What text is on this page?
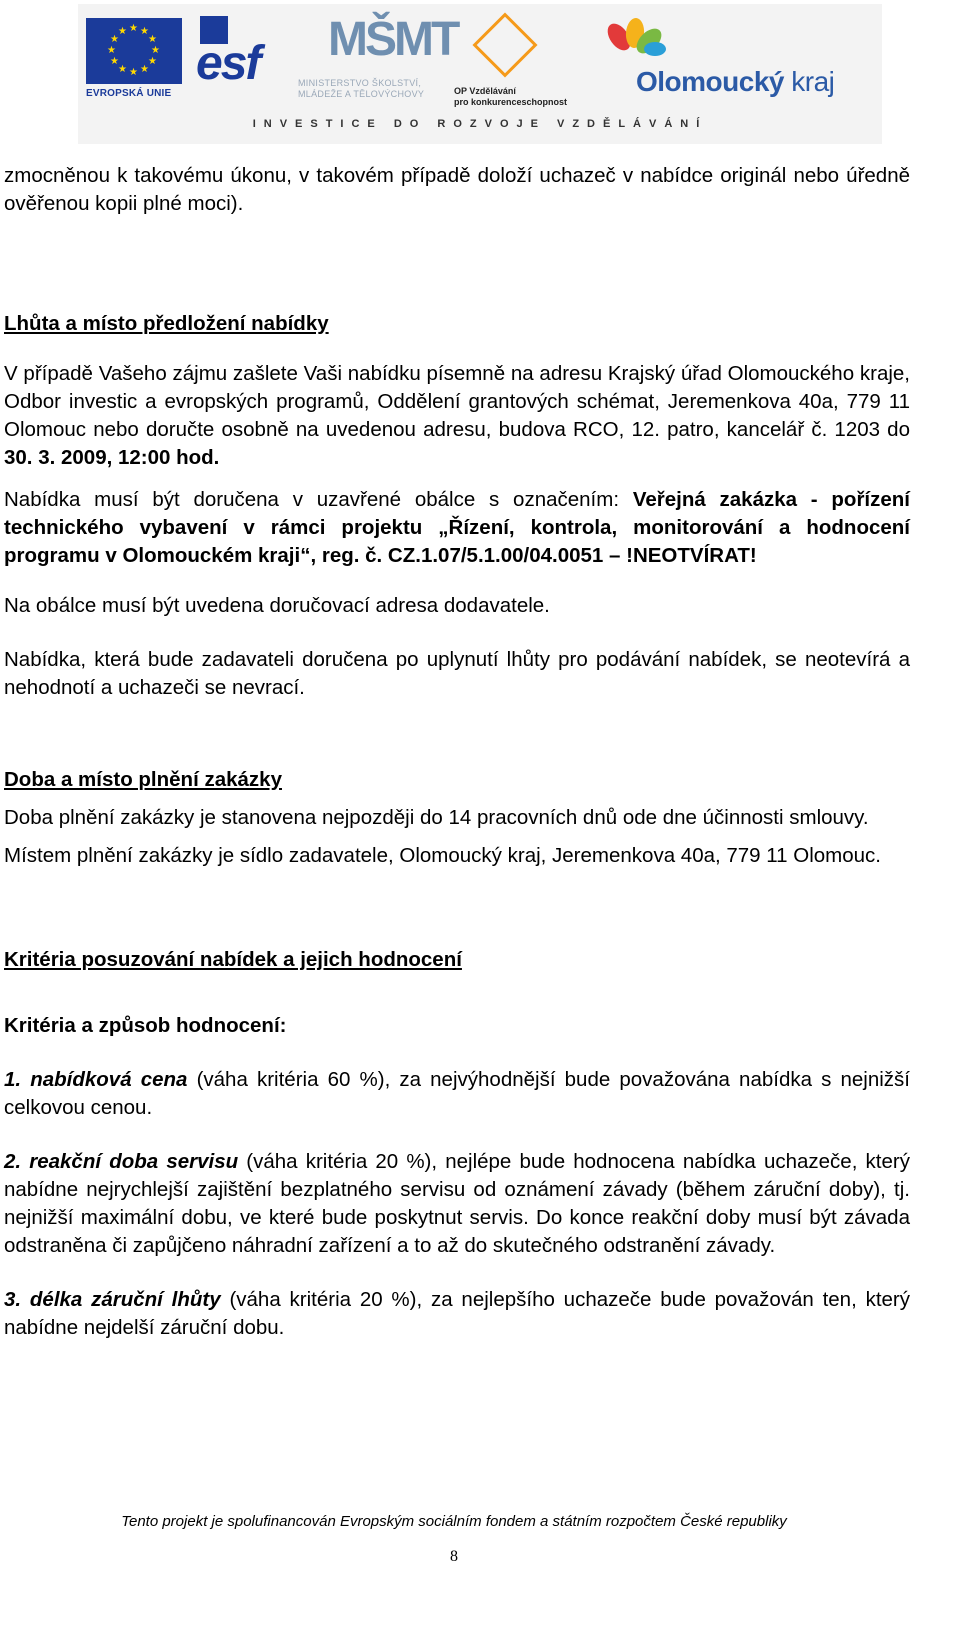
★
★
★
★
★
★
★
★
★ ★ ★
★
EVROPSKÁ UNIE
esf MŠMT
MINISTERSTVO ŠKOLSTVÍ,
MLÁDEŽE A TĚLOVÝCHOVY	OP Vzdělávání
pro konkurenceschopnost
Olomoucký kraj
INVESTICE DO ROZVOJE VZDĚLÁVÁNÍ

zmocněnou k takovému úkonu, v takovém případě doloží uchazeč v nabídce originál nebo úředně ověřenou kopii plné moci).

Lhůta a místo předložení nabídky

V případě Vašeho zájmu zašlete Vaši nabídku písemně na adresu Krajský úřad Olomouckého kraje, Odbor investic a evropských programů, Oddělení grantových schémat, Jeremenkova 40a, 779 11 Olomouc nebo doručte osobně na uvedenou adresu, budova RCO, 12. patro, kancelář č. 1203 do 30. 3. 2009, 12:00 hod.

Nabídka musí být doručena v uzavřené obálce s označením: Veřejná zakázka - pořízení technického vybavení v rámci projektu „Řízení, kontrola, monitorování a hodnocení programu v Olomouckém kraji“, reg. č. CZ.1.07/5.1.00/04.0051 – !NEOTVÍRAT!

Na obálce musí být uvedena doručovací adresa dodavatele.

Nabídka, která bude zadavateli doručena po uplynutí lhůty pro podávání nabídek, se neotevírá a nehodnotí a uchazeči se nevrací.

Doba a místo plnění zakázky

Doba plnění zakázky je stanovena nejpozději do 14 pracovních dnů ode dne účinnosti smlouvy.

Místem plnění zakázky je sídlo zadavatele, Olomoucký kraj, Jeremenkova 40a, 779 11 Olomouc.

Kritéria posuzování nabídek a jejich hodnocení
Kritéria a způsob hodnocení:

1. nabídková cena (váha kritéria 60 %), za nejvýhodnější bude považována nabídka s nejnižší celkovou cenou.

2. reakční doba servisu (váha kritéria 20 %), nejlépe bude hodnocena nabídka uchazeče, který nabídne nejrychlejší zajištění bezplatného servisu od oznámení závady (během záruční doby), tj. nejnižší maximální dobu, ve které bude poskytnut servis. Do konce reakční doby musí být závada odstraněna či zapůjčeno náhradní zařízení a to až do skutečného odstranění závady.

3. délka záruční lhůty (váha kritéria 20 %), za nejlepšího uchazeče bude považován ten, který nabídne nejdelší záruční dobu.

Tento projekt je spolufinancován Evropským sociálním fondem a státním rozpočtem České republiky
8
